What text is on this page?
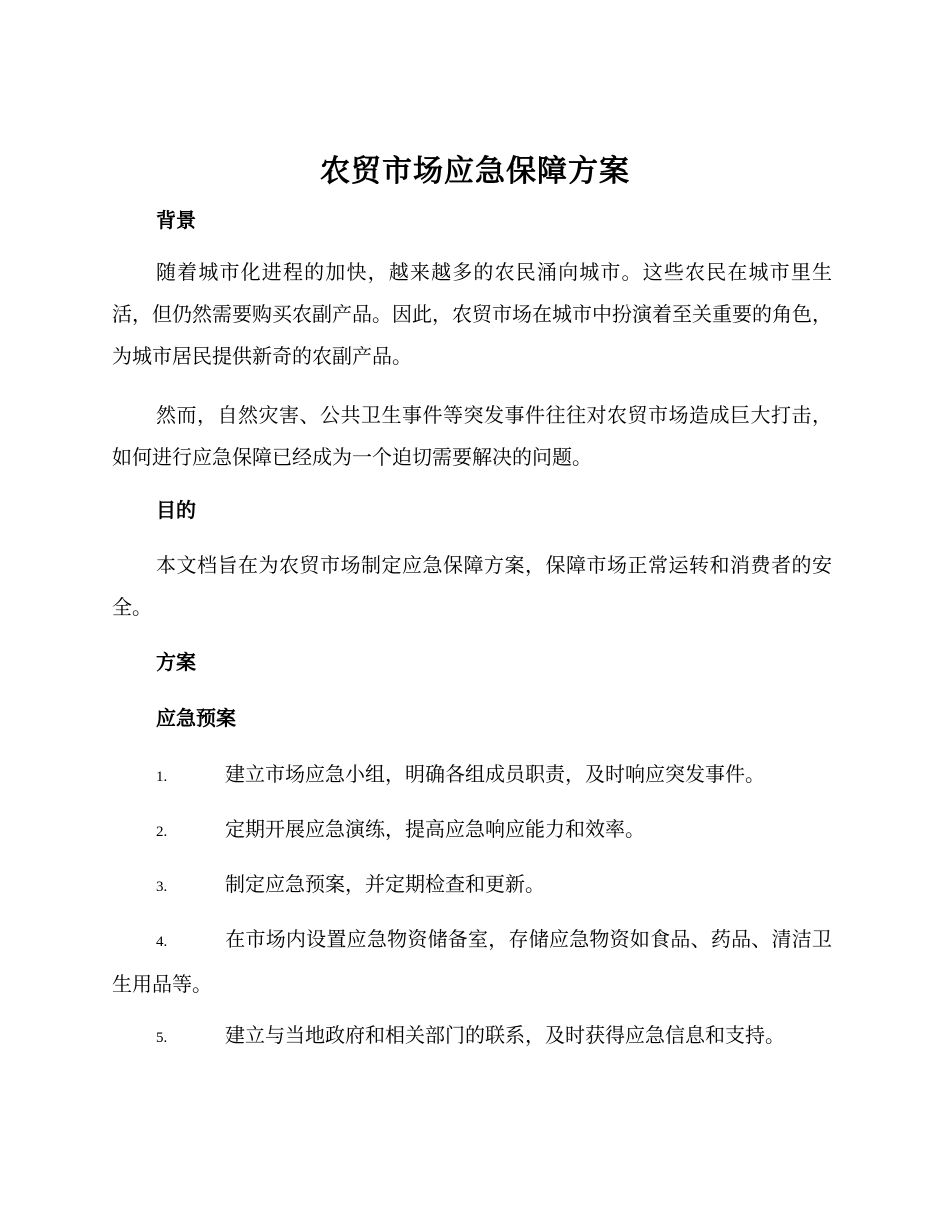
农贸市场应急保障方案
背景
随着城市化进程的加快，越来越多的农民涌向城市。这些农民在城市里生活，但仍然需要购买农副产品。因此，农贸市场在城市中扮演着至关重要的角色，为城市居民提供新奇的农副产品。
然而，自然灾害、公共卫生事件等突发事件往往对农贸市场造成巨大打击，如何进行应急保障已经成为一个迫切需要解决的问题。
目的
本文档旨在为农贸市场制定应急保障方案，保障市场正常运转和消费者的安全。
方案
应急预案
1.	建立市场应急小组，明确各组成员职责，及时响应突发事件。
2.	定期开展应急演练，提高应急响应能力和效率。
3.	制定应急预案，并定期检查和更新。
4.	在市场内设置应急物资储备室，存储应急物资如食品、药品、清洁卫生用品等。
5.	建立与当地政府和相关部门的联系，及时获得应急信息和支持。
